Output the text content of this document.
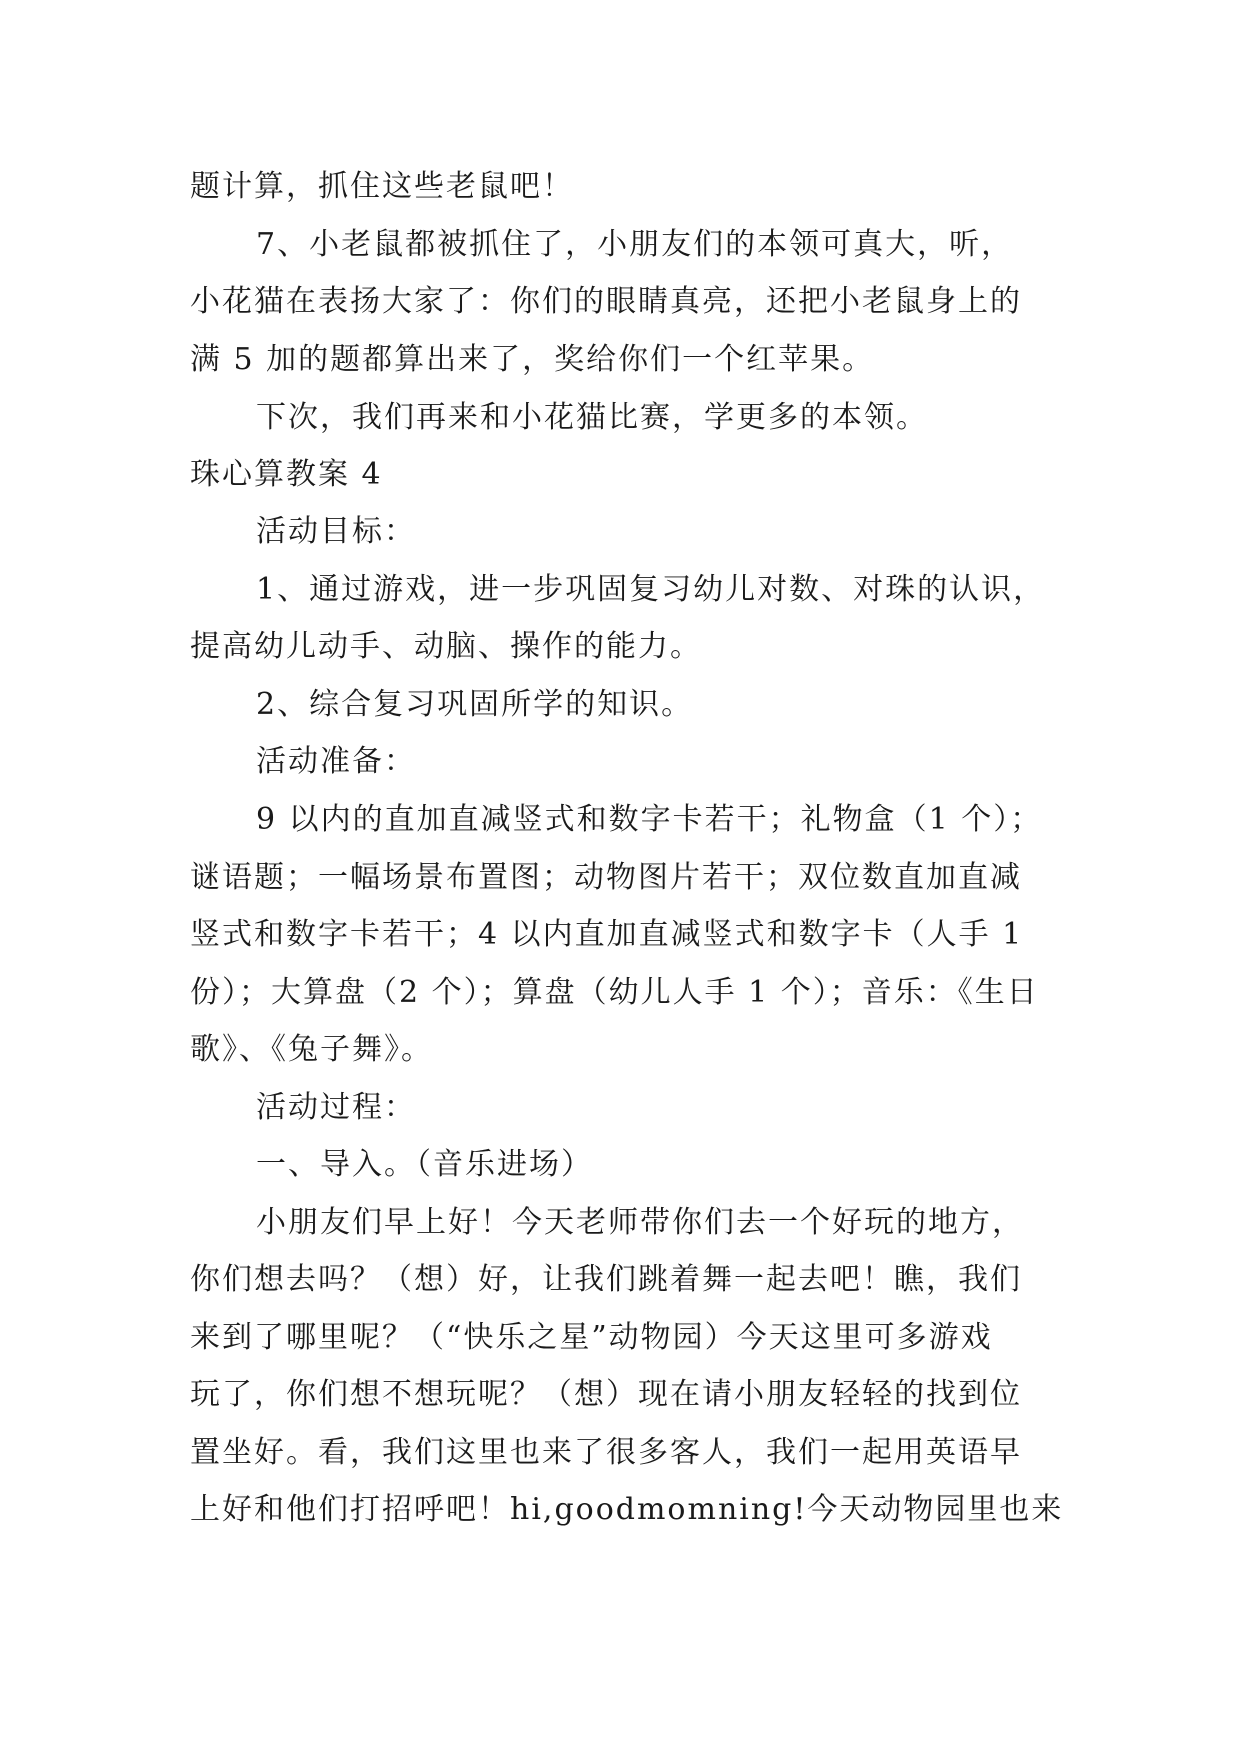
题计算，抓住这些老鼠吧！
7、小老鼠都被抓住了，小朋友们的本领可真大，听，
小花猫在表扬大家了：你们的眼睛真亮，还把小老鼠身上的
满 5 加的题都算出来了，奖给你们一个红苹果。
下次，我们再来和小花猫比赛，学更多的本领。
珠心算教案 4
活动目标：
1、通过游戏，进一步巩固复习幼儿对数、对珠的认识，
提高幼儿动手、动脑、操作的能力。
2、综合复习巩固所学的知识。
活动准备：
9 以内的直加直减竖式和数字卡若干；礼物盒（1 个）；
谜语题；一幅场景布置图；动物图片若干；双位数直加直减
竖式和数字卡若干；4 以内直加直减竖式和数字卡（人手 1
份）；大算盘（2 个）；算盘（幼儿人手 1 个）；音乐：《生日
歌》、《兔子舞》。
活动过程：
一、导入。（音乐进场）
小朋友们早上好！今天老师带你们去一个好玩的地方，
你们想去吗？（想）好，让我们跳着舞一起去吧！瞧，我们
来到了哪里呢？（“快乐之星”动物园）今天这里可多游戏
玩了，你们想不想玩呢？（想）现在请小朋友轻轻的找到位
置坐好。看，我们这里也来了很多客人，我们一起用英语早
上好和他们打招呼吧！hi,goodmomning!今天动物园里也来
